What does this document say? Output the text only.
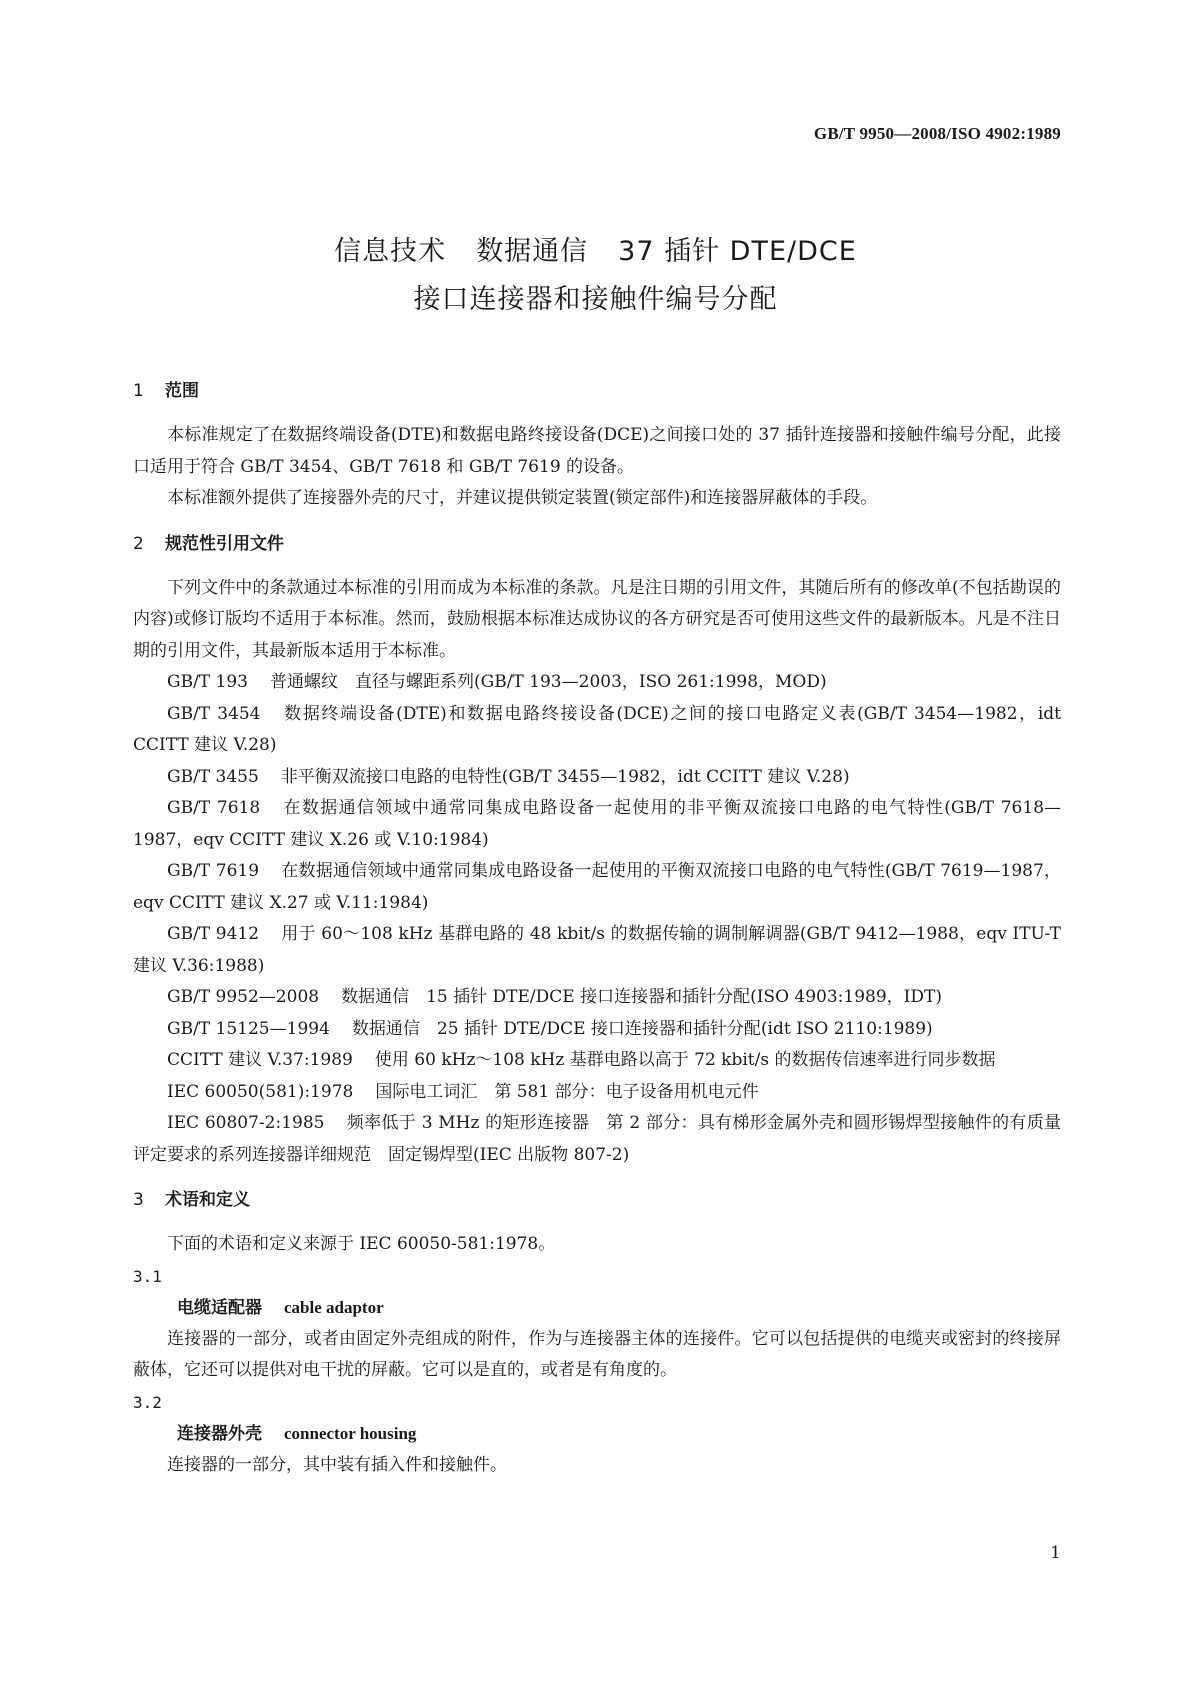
GB/T 9950—2008/ISO 4902:1989
信息技术 数据通信 37 插针 DTE/DCE
接口连接器和接触件编号分配
1 范围

本标准规定了在数据终端设备(DTE)和数据电路终接设备(DCE)之间接口处的 37 插针连接器和接触件编号分配，此接口适用于符合 GB/T 3454、GB/T 7618 和 GB/T 7619 的设备。

本标准额外提供了连接器外壳的尺寸，并建议提供锁定装置(锁定部件)和连接器屏蔽体的手段。

2 规范性引用文件

下列文件中的条款通过本标准的引用而成为本标准的条款。凡是注日期的引用文件，其随后所有的修改单(不包括勘误的内容)或修订版均不适用于本标准。然而，鼓励根据本标准达成协议的各方研究是否可使用这些文件的最新版本。凡是不注日期的引用文件，其最新版本适用于本标准。

GB/T 193 普通螺纹　直径与螺距系列(GB/T 193—2003，ISO 261:1998，MOD)

GB/T 3454 数据终端设备(DTE)和数据电路终接设备(DCE)之间的接口电路定义表(GB/T 3454—1982，idt CCITT 建议 V.28)

GB/T 3455 非平衡双流接口电路的电特性(GB/T 3455—1982，idt CCITT 建议 V.28)

GB/T 7618 在数据通信领域中通常同集成电路设备一起使用的非平衡双流接口电路的电气特性(GB/T 7618—1987，eqv CCITT 建议 X.26 或 V.10:1984)

GB/T 7619 在数据通信领域中通常同集成电路设备一起使用的平衡双流接口电路的电气特性(GB/T 7619—1987，eqv CCITT 建议 X.27 或 V.11:1984)

GB/T 9412 用于 60～108 kHz 基群电路的 48 kbit/s 的数据传输的调制解调器(GB/T 9412—1988，eqv ITU-T 建议 V.36:1988)

GB/T 9952—2008 数据通信　15 插针 DTE/DCE 接口连接器和插针分配(ISO 4903:1989，IDT)

GB/T 15125—1994 数据通信　25 插针 DTE/DCE 接口连接器和插针分配(idt ISO 2110:1989)

CCITT 建议 V.37:1989 使用 60 kHz～108 kHz 基群电路以高于 72 kbit/s 的数据传信速率进行同步数据

IEC 60050(581):1978 国际电工词汇　第 581 部分：电子设备用机电元件

IEC 60807-2:1985 频率低于 3 MHz 的矩形连接器　第 2 部分：具有梯形金属外壳和圆形锡焊型接触件的有质量评定要求的系列连接器详细规范　固定锡焊型(IEC 出版物 807-2)

3 术语和定义

下面的术语和定义来源于 IEC 60050-581:1978。

3.1
电缆适配器 cable adaptor

连接器的一部分，或者由固定外壳组成的附件，作为与连接器主体的连接件。它可以包括提供的电缆夹或密封的终接屏蔽体，它还可以提供对电干扰的屏蔽。它可以是直的，或者是有角度的。

3.2
连接器外壳 connector housing

连接器的一部分，其中装有插入件和接触件。

1
